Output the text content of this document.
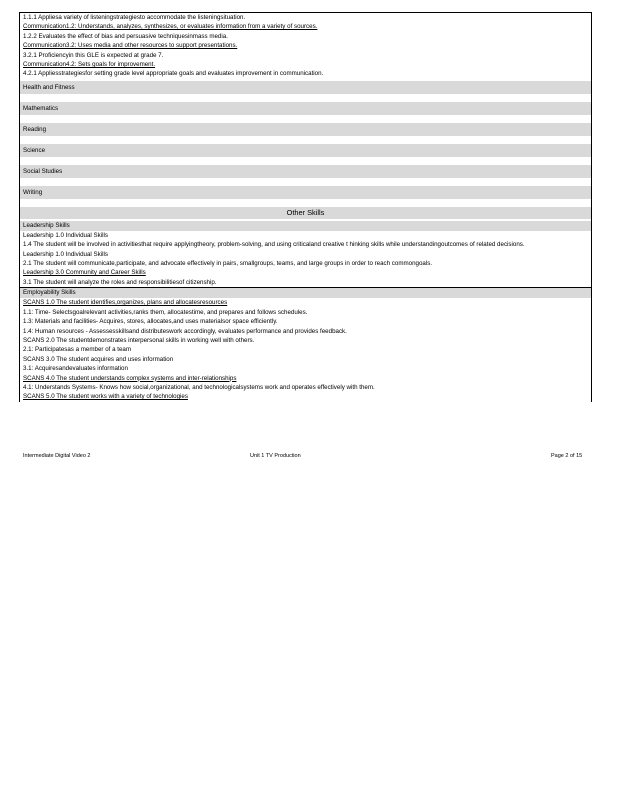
1.1.1 Appliesa variety of listeningstrategiesto accommodate the listeningsituation.
Communication1.2: Understands, analyzes, synthesizes, or evaluates information from a variety of sources.
1.2.2 Evaluates the effect of bias and persuasive techniquesinmass media.
Communication3.2: Uses media and other resources to support presentations.
3.2.1 Proficiencyin this GLE is expected at grade 7.
Communication4.2: Sets goals for improvement.
4.2.1 Appliesstrategiesfor setting grade level appropriate goals and evaluates improvement in communication.
Health and Fitness
Mathematics
Reading
Science
Social Studies
Writing
Other Skills
Leadership Skills
Leadership 1.0 Individual Skills
1.4 The student will be involved in activitiesthat require applyingtheory, problem-solving, and using criticaland creative t hinking skills while understandingoutcomes of related decisions.
Leadership 1.0 Individual Skills
2.1 The student will communicate,participate, and advocate effectively in pairs, smallgroups, teams, and large groups in order to reach commongoals.
Leadership 3.0 Community and Career Skills
3.1 The student will analyze the roles and responsibilitiesof citizenship.
Employability Skills
SCANS 1.0 The student identifies,organizes, plans and allocatesresources
1.1: Time- Selectsgoalrelevant activities,ranks them, allocatestime, and prepares and follows schedules.
1.3: Materials and facilities- Acquires, stores, allocates,and uses materialsor space efficiently.
1.4: Human resources - Assessesskillsand distributeswork accordingly, evaluates performance and provides feedback.
SCANS 2.0 The studentdemonstrates interpersonal skills in working well with others.
2.1: Participatesas a member of a team
SCANS 3.0 The student acquires and uses information
3.1: Acquiresandevaluates information
SCANS 4.0 The student understands complex systems and inter-relationships
4.1: Understands Systems- Knows how social,organizational, and technologicalsystems work and operates effectively with them.
SCANS 5.0 The student works with a variety of technologies
Intermediate Digital Video 2	Unit 1 TV Production	Page 2 of 15
